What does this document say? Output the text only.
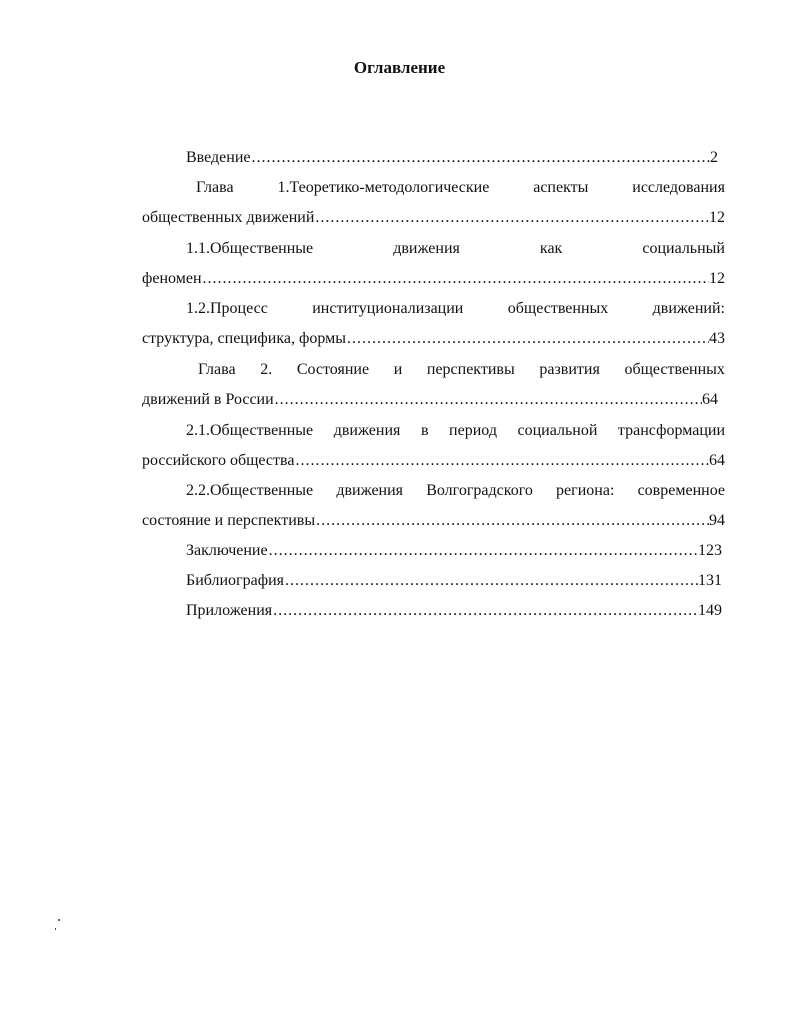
Оглавление
Введение .....	2
Глава	1.Теоретико-методологические	аспекты	исследования
общественных движений .....	12
1.1.Общественные	движения	как	социальный
феномен .....	12
1.2.Процесс	институционализации	общественных	движений:
структура, специфика, формы .....	43
Глава 2. Состояние и перспективы развития общественных
движений в России .....	64
2.1.Общественные движения в период социальной трансформации
российского общества .....	64
2.2.Общественные движения Волгоградского региона: современное
состояние и перспективы .....	94
Заключение .....	123
Библиография .....	131
Приложения .....	149
